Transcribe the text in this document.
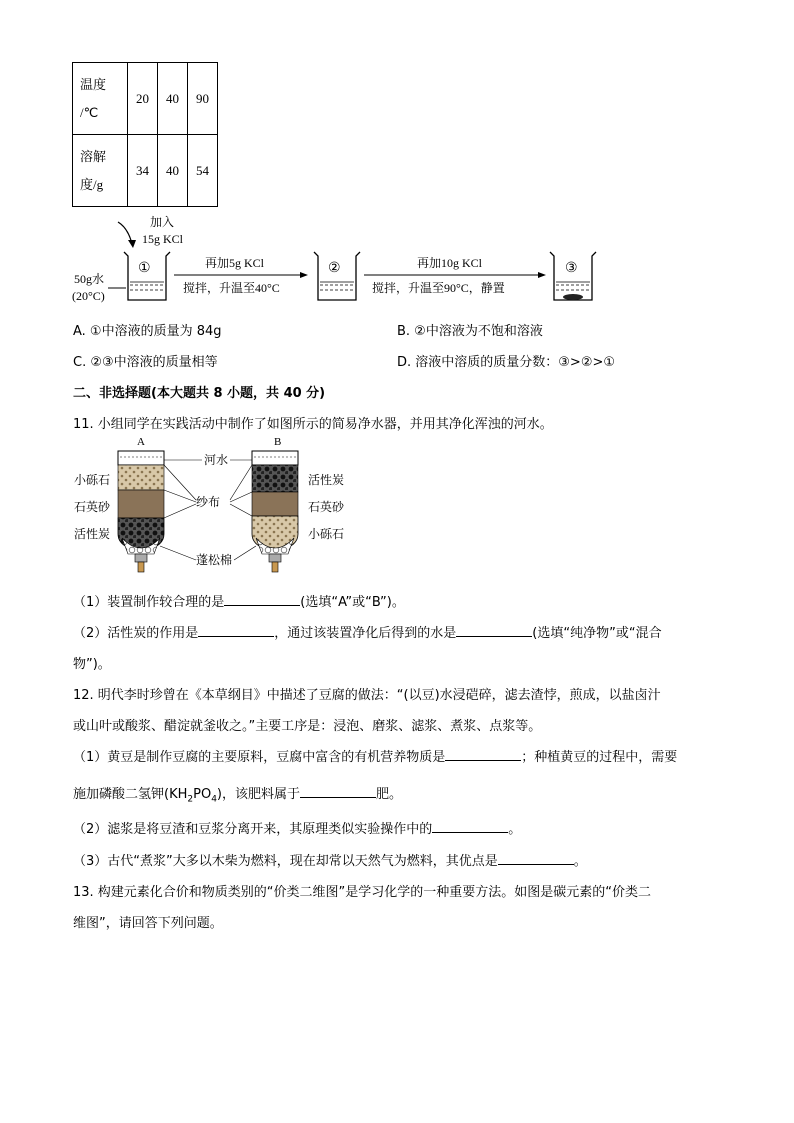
温度
/℃	20	40	90
溶解
度/g	34	40	54
加入
15g KCl
50g水
(20°C)
①	再加5g KCl
搅拌，升温至40°C
②	再加10g KCl
搅拌，升温至90°C，静置
③
A. ①中溶液的质量为 84g	B. ②中溶液为不饱和溶液
C. ②③中溶液的质量相等	D. 溶液中溶质的质量分数：③>②>①
二、非选择题(本大题共 8 小题，共 40 分)
11. 小组同学在实践活动中制作了如图所示的简易净水器，并用其净化浑浊的河水。
A	B
小砾石
石英砂
活性炭
河水
纱布
蓬松棉
活性炭
石英砂
小砾石
（1）装置制作较合理的是	(选填“A”或“B”)。
（2）活性炭的作用是	，通过该装置净化后得到的水是	(选填“纯净物”或“混合
物”)。
12. 明代李时珍曾在《本草纲目》中描述了豆腐的做法：“(以豆)水浸硙碎，滤去渣悖，煎成，以盐卤汁
或山叶或酸浆、醋淀就釜收之。”主要工序是：浸泡、磨浆、滤浆、煮浆、点浆等。
（1）黄豆是制作豆腐的主要原料，豆腐中富含的有机营养物质是	；种植黄豆的过程中，需要
施加磷酸二氢钾$(KH_2PO_4)$，该肥料属于	肥。
（2）滤浆是将豆渣和豆浆分离开来，其原理类似实验操作中的	。
（3）古代“煮浆”大多以木柴为燃料，现在却常以天然气为燃料，其优点是	。
13. 构建元素化合价和物质类别的“价类二维图”是学习化学的一种重要方法。如图是碳元素的“价类二
维图”，请回答下列问题。
